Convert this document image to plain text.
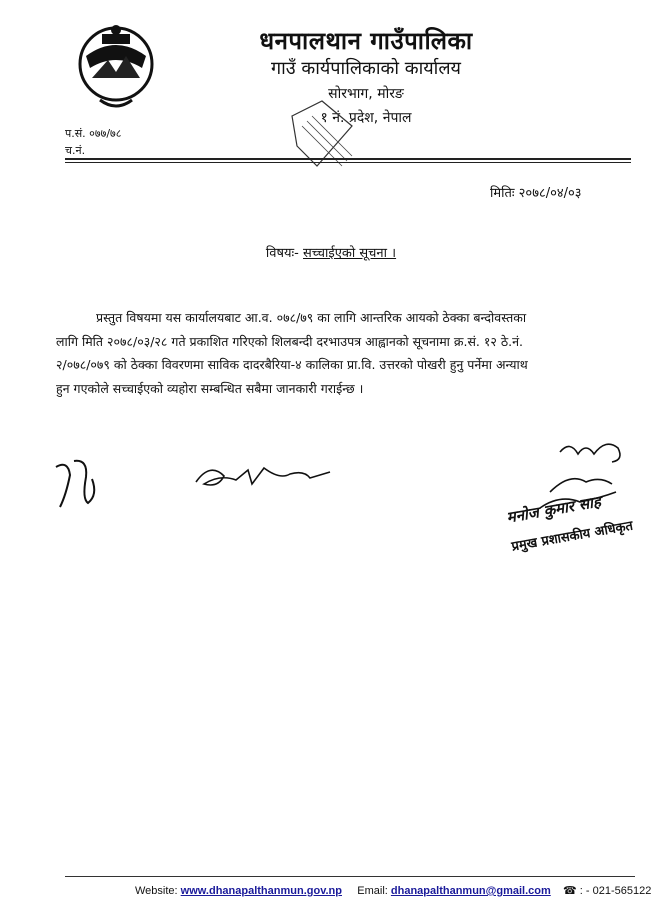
धनपालथान गाउँपालिका
गाउँ कार्यपालिकाको कार्यालय
सोरभाग, मोरङ
१ नं. प्रदेश, नेपाल
प.सं. ०७७/७८
च.नं.
मितिः २०७८/०४/०३
विषयः- सच्चाईएको सूचना ।
प्रस्तुत विषयमा यस कार्यालयबाट आ.व. ०७८/७९ का लागि आन्तरिक आयको ठेक्का बन्दोवस्तका
लागि मिति २०७८/०३/२८ गते प्रकाशित गरिएको शिलबन्दी दरभाउपत्र आह्वानको सूचनामा क्र.सं. १२ ठे.नं.
२/०७८/०७९ को ठेक्का विवरणमा साविक दादरबैरिया-४ कालिका प्रा.वि. उत्तरको पोखरी हुनु पर्नेमा अन्याथ
हुन गएकोले सच्चाईएको व्यहोरा सम्बन्धित सबैमा जानकारी गराईन्छ ।
मनोज कुमार साह
प्रमुख प्रशासकीय अधिकृत
Website: www.dhanapalthanmun.gov.np Email: dhanapalthanmun@gmail.com ☎ : - 021-565122
